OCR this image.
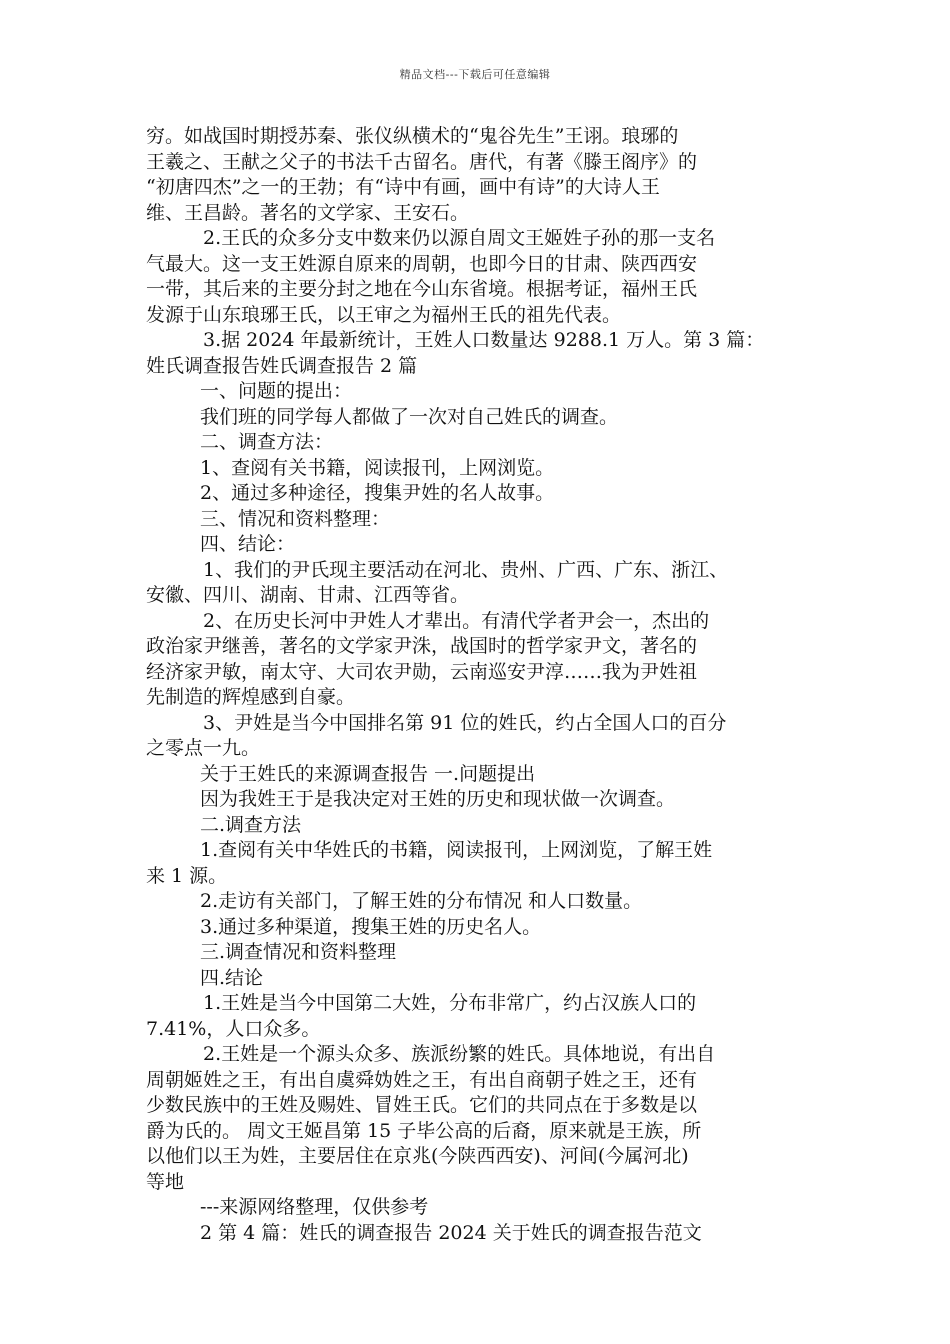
精品文档---下载后可任意编辑
穷。如战国时期授苏秦、张仪纵横术的“鬼谷先生”王诩。琅琊的
王羲之、王献之父子的书法千古留名。唐代，有著《滕王阁序》的
“初唐四杰”之一的王勃；有“诗中有画，画中有诗”的大诗人王
维、王昌龄。著名的文学家、王安石。
2.王氏的众多分支中数来仍以源自周文王姬姓子孙的那一支名
气最大。这一支王姓源自原来的周朝，也即今日的甘肃、陕西西安
一带，其后来的主要分封之地在今山东省境。根据考证，福州王氏
发源于山东琅琊王氏，以王审之为福州王氏的祖先代表。
3.据 2024 年最新统计，王姓人口数量达 9288.1 万人。第 3 篇：
姓氏调查报告姓氏调查报告 2 篇
一、问题的提出：
我们班的同学每人都做了一次对自己姓氏的调查。
二、调查方法：
1、查阅有关书籍，阅读报刊，上网浏览。
2、通过多种途径，搜集尹姓的名人故事。
三、情况和资料整理：
四、结论：
1、我们的尹氏现主要活动在河北、贵州、广西、广东、浙江、
安徽、四川、湖南、甘肃、江西等省。
2、在历史长河中尹姓人才辈出。有清代学者尹会一，杰出的
政治家尹继善，著名的文学家尹洙，战国时的哲学家尹文，著名的
经济家尹敏，南太守、大司农尹勋，云南巡安尹淳……我为尹姓祖
先制造的辉煌感到自豪。
3、尹姓是当今中国排名第 91 位的姓氏，约占全国人口的百分
之零点一九。
关于王姓氏的来源调查报告 一.问题提出
因为我姓王于是我决定对王姓的历史和现状做一次调查。
二.调查方法
1.查阅有关中华姓氏的书籍，阅读报刊，上网浏览，了解王姓
来 1 源。
2.走访有关部门，了解王姓的分布情况 和人口数量。
3.通过多种渠道，搜集王姓的历史名人。
三.调查情况和资料整理
四.结论
1.王姓是当今中国第二大姓，分布非常广，约占汉族人口的
7.41%，人口众多。
2.王姓是一个源头众多、族派纷繁的姓氏。具体地说，有出自
周朝姬姓之王，有出自虞舜妫姓之王，有出自商朝子姓之王，还有
少数民族中的王姓及赐姓、冒姓王氏。它们的共同点在于多数是以
爵为氏的。 周文王姬昌第 15 子毕公高的后裔，原来就是王族，所
以他们以王为姓，主要居住在京兆(今陕西西安)、河间(今属河北)
等地
---来源网络整理，仅供参考
2 第 4 篇：姓氏的调查报告 2024 关于姓氏的调查报告范文
